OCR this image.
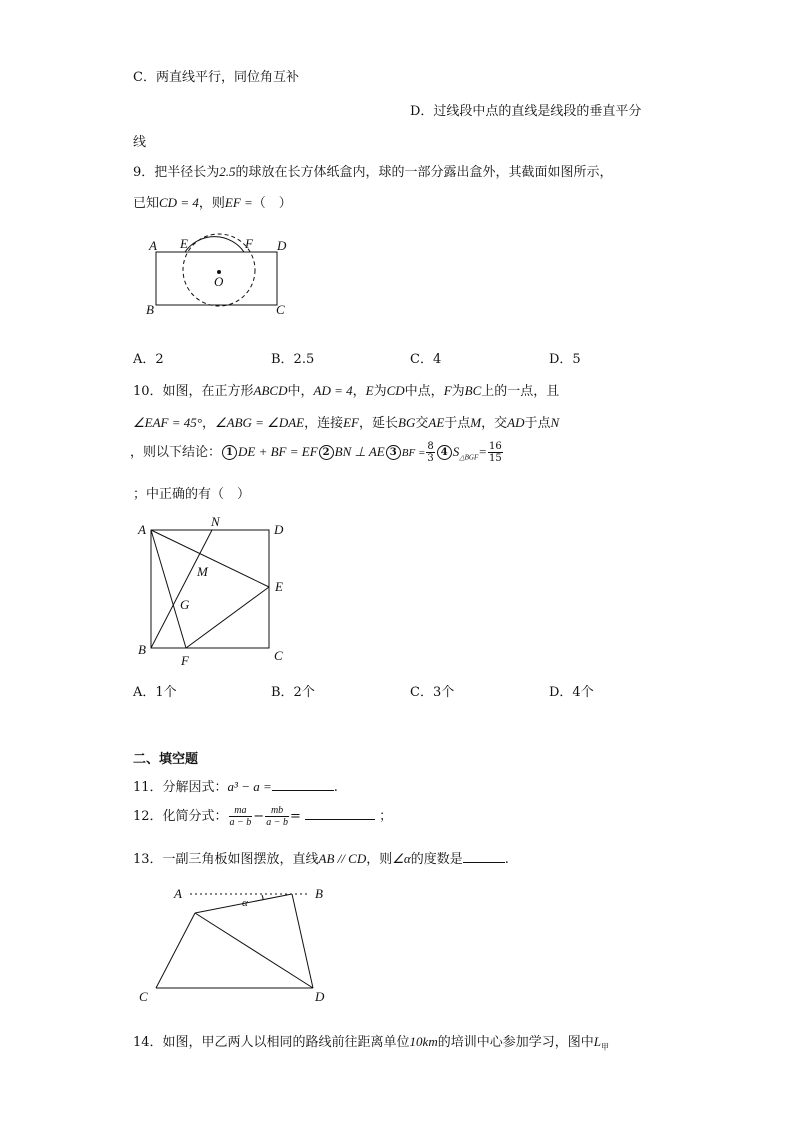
C．两直线平行，同位角互补
D．过线段中点的直线是线段的垂直平分
线
9．把半径长为2.5的球放在长方体纸盒内，球的一部分露出盒外，其截面如图所示，
已知CD = 4，则EF =（　）
A E	F D
O
B	C
A．2	B．2.5	C．4	D．5
10．如图，在正方形ABCD中，AD = 4，E为CD中点，F为BC上的一点，且
∠EAF = 45°，∠ABG = ∠DAE，连接EF，延长BG交AE于点M，交AD于点N
，则以下结论： 1 DE + BF = EF 2 BN ⊥ AE 3 BF = $\frac{8}{3} 4$ $S_{\triangle BGF}= \frac{16}{15}$
；中正确的有（　）
A
N
D
M
E
G
B
F	C
A．1个	B．2个	C．3个	D．4个
二、填空题
11．分解因式：a³ − a =	.
12．化简分式： $\frac{ma}{a - b} - \frac{mb}{a - b}$ =	；
13．一副三角板如图摆放，直线AB // CD，则∠α的度数是	.
A	B
α
C	D
14．如图，甲乙两人以相同的路线前往距离单位10km的培训中心参加学习，图中$L_甲$
